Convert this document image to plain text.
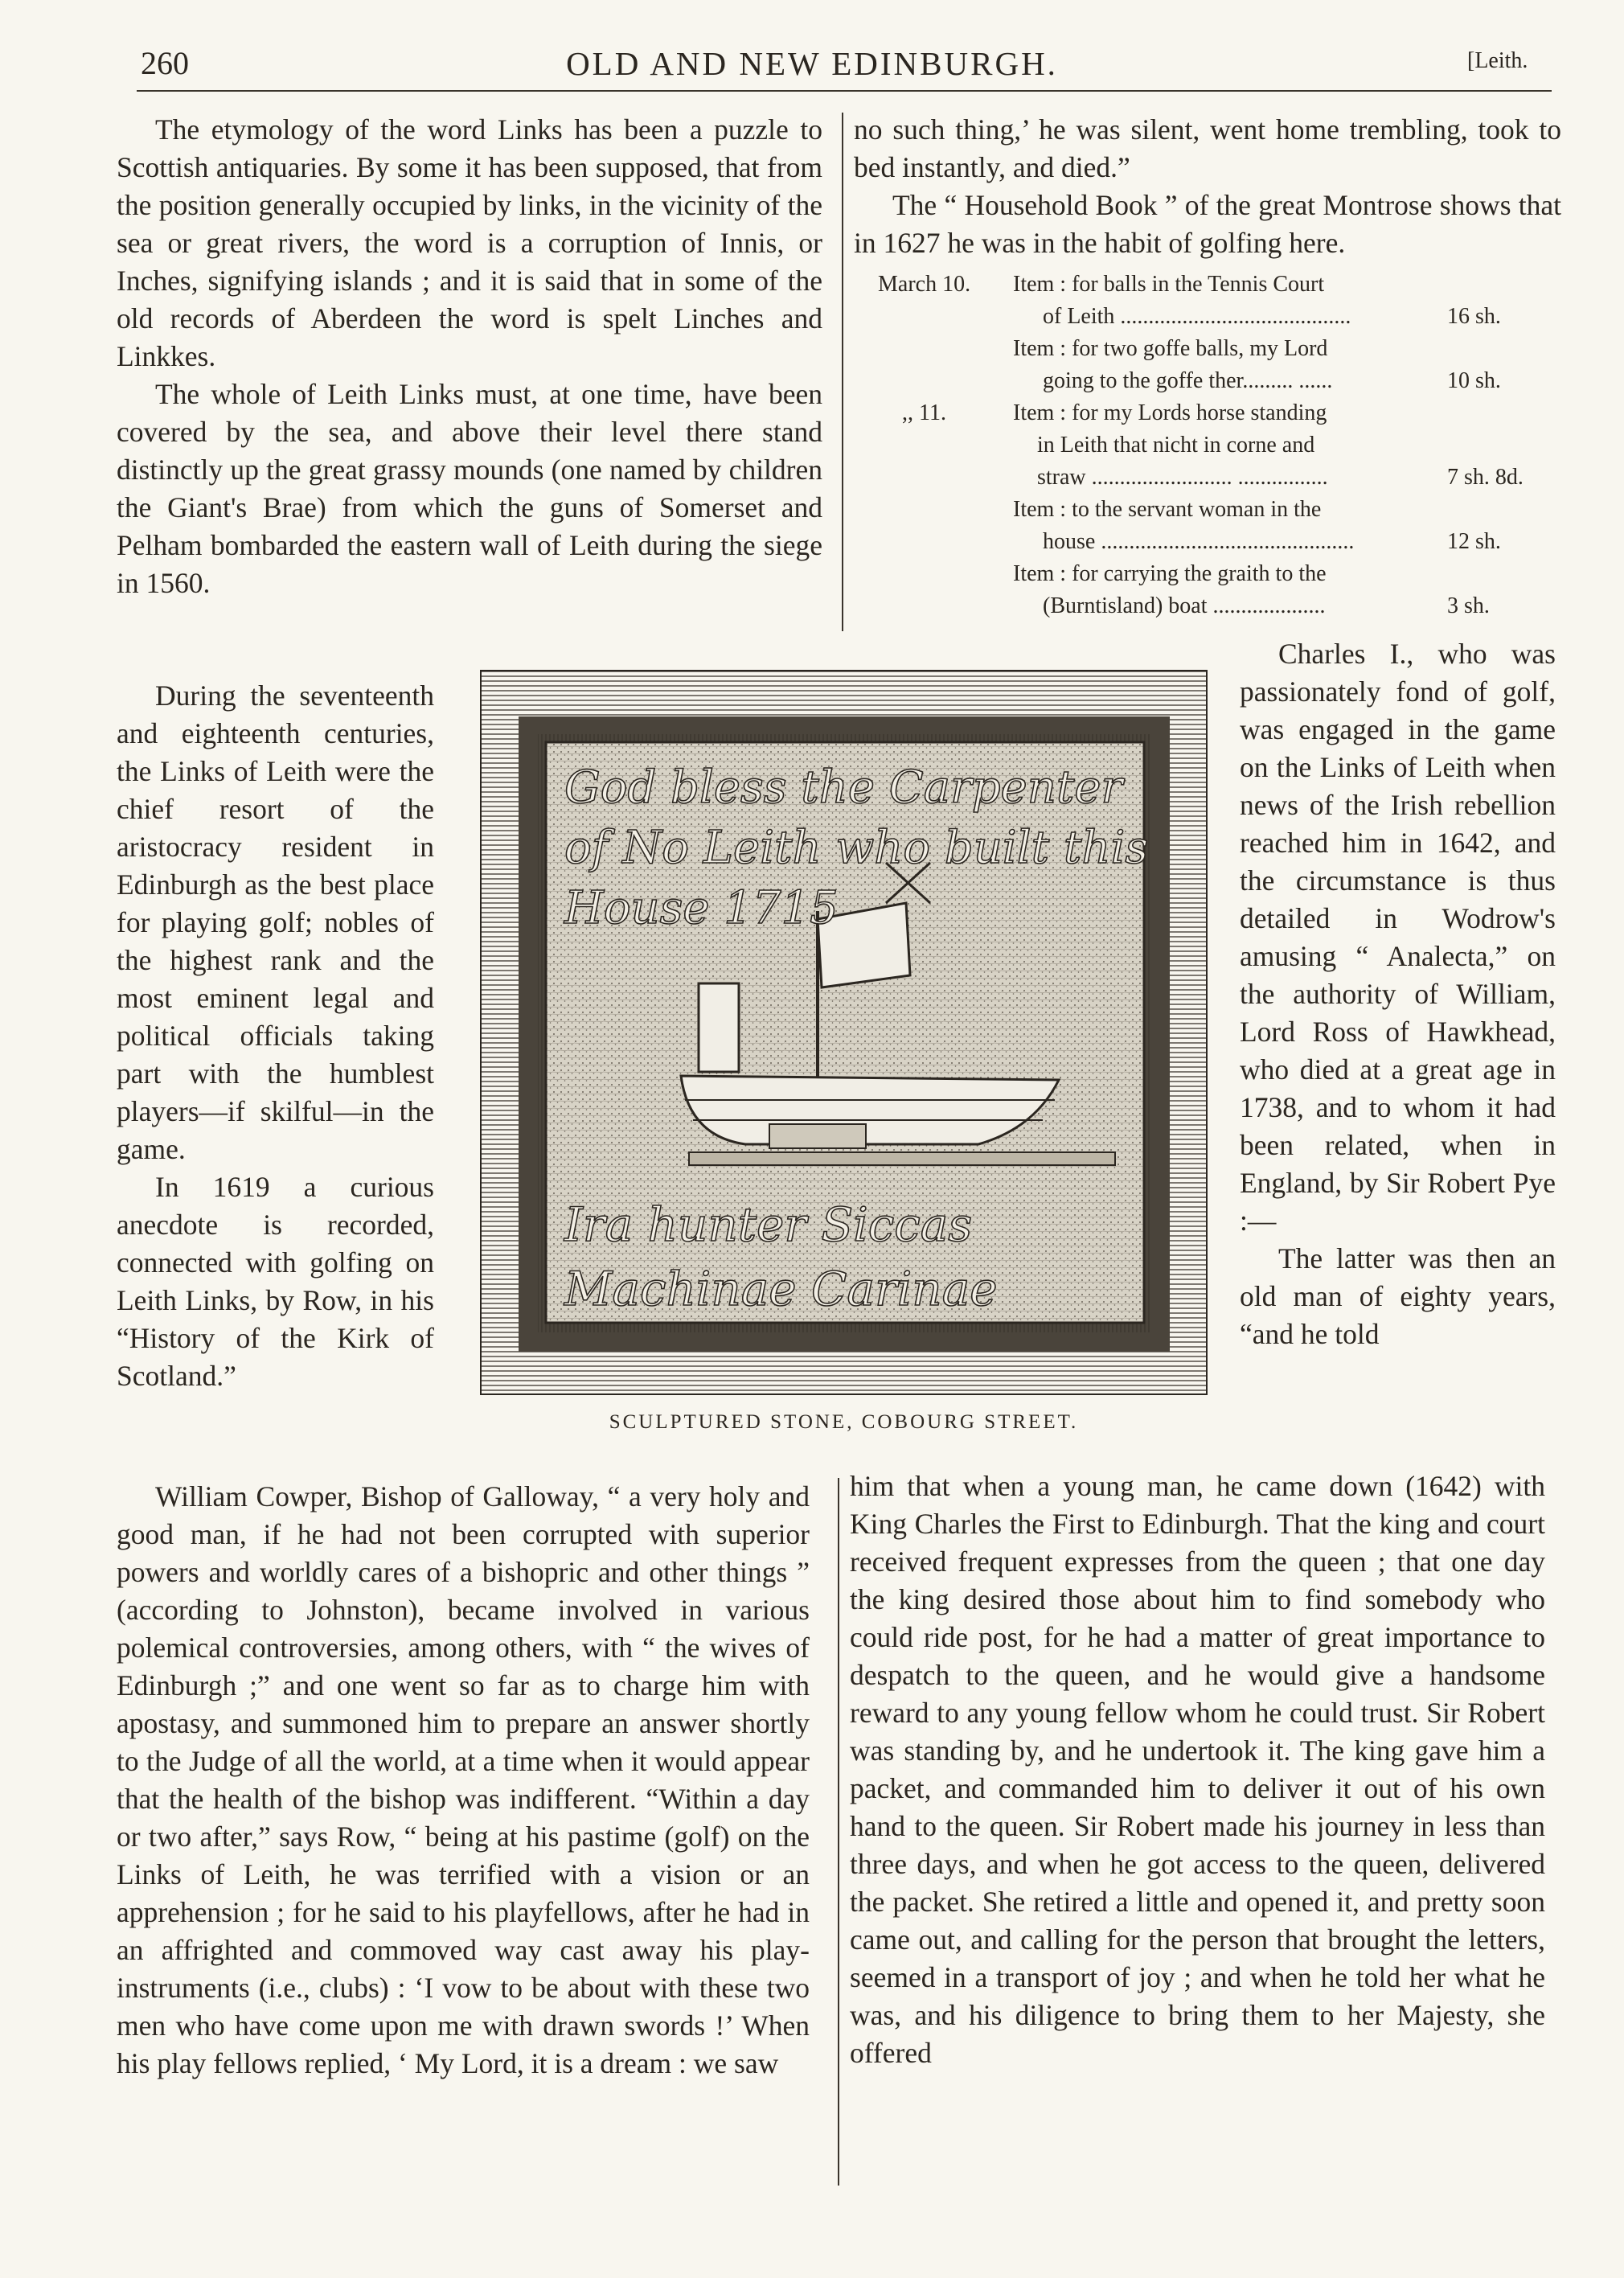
260	OLD AND NEW EDINBURGH.	[Leith.

The etymology of the word Links has been a puzzle to Scottish antiquaries. By some it has been supposed, that from the position generally occupied by links, in the vicinity of the sea or great rivers, the word is a corruption of Innis, or Inches, signifying islands ; and it is said that in some of the old records of Aberdeen the word is spelt Linches and Linkkes.

The whole of Leith Links must, at one time, have been covered by the sea, and above their level there stand distinctly up the great grassy mounds (one named by children the Giant's Brae) from which the guns of Somerset and Pelham bombarded the eastern wall of Leith during the siege in 1560.

During the seventeenth and eighteenth centuries, the Links of Leith were the chief resort of the aristocracy resident in Edinburgh as the best place for playing golf; nobles of the highest rank and the most eminent legal and political officials taking part with the humblest players—if skilful—in the game.

In 1619 a curious anecdote is recorded, connected with golfing on Leith Links, by Row, in his “History of the Kirk of Scotland.”

William Cowper, Bishop of Galloway, “ a very holy and good man, if he had not been corrupted with superior powers and worldly cares of a bishopric and other things ” (according to Johnston), became involved in various polemical controversies, among others, with “ the wives of Edinburgh ;” and one went so far as to charge him with apostasy, and summoned him to prepare an answer shortly to the Judge of all the world, at a time when it would appear that the health of the bishop was indifferent. “Within a day or two after,” says Row, “ being at his pastime (golf) on the Links of Leith, he was terrified with a vision or an apprehension ; for he said to his playfellows, after he had in an affrighted and commoved way cast away his play-instruments (i.e., clubs) : ‘I vow to be about with these two men who have come upon me with drawn swords !’ When his play fellows replied, ‘ My Lord, it is a dream : we saw

no such thing,’ he was silent, went home trembling, took to bed instantly, and died.”

The “ Household Book ” of the great Montrose shows that in 1627 he was in the habit of golfing here.

March 10. Item : for balls in the Tennis Court
of Leith .........................................	16 sh.
Item : for two goffe balls, my Lord
going to the goffe ther......... ......	10 sh.
,, 11.	Item : for my Lords horse standing
in Leith that nicht in corne and
straw ......................... ................	7 sh. 8d.
Item : to the servant woman in the
house .............................................	12 sh.
Item : for carrying the graith to the
(Burntisland) boat ....................	3 sh.

Charles I., who was passionately fond of golf, was engaged in the game on the Links of Leith when news of the Irish rebellion reached him in 1642, and the circumstance is thus detailed in Wodrow's amusing “ Analecta,” on the authority of William, Lord Ross of Hawkhead, who died at a great age in 1738, and to whom it had been related, when in England, by Sir Robert Pye :—

The latter was then an old man of eighty years, “and he told

him that when a young man, he came down (1642) with King Charles the First to Edinburgh. That the king and court received frequent expresses from the queen ; that one day the king desired those about him to find somebody who could ride post, for he had a matter of great importance to despatch to the queen, and he would give a handsome reward to any young fellow whom he could trust. Sir Robert was standing by, and he undertook it. The king gave him a packet, and commanded him to deliver it out of his own hand to the queen. Sir Robert made his journey in less than three days, and when he got access to the queen, delivered the packet. She retired a little and opened it, and pretty soon came out, and calling for the person that brought the letters, seemed in a transport of joy ; and when he told her what he was, and his diligence to bring them to her Majesty, she offered

God bless the Carpenter
of No Leith who built this
House 1715
Ira hunter Siccas
Machinae Carinae
SCULPTURED STONE, COBOURG STREET.
